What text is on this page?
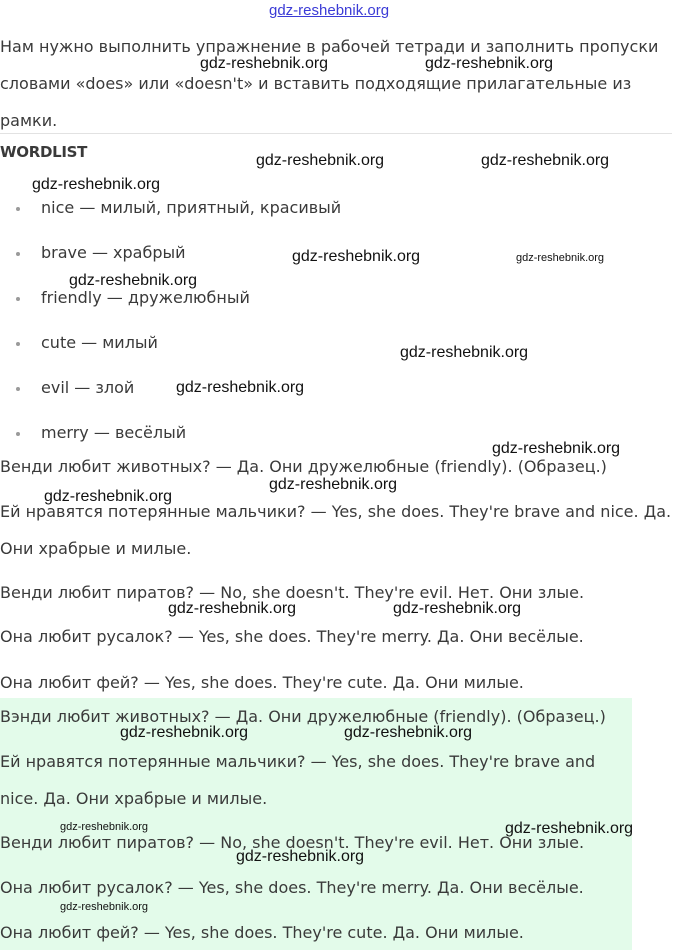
gdz-reshebnik.org

Нам нужно выполнить упражнение в рабочей тетради и заполнить пропуски словами «does» или «doesn't» и вставить подходящие прилагательные из рамки.

WORDLIST
nice — милый, приятный, красивый
brave — храбрый
friendly — дружелюбный
cute — милый
evil — злой
merry — весёлый

Венди любит животных? — Да. Они дружелюбные (friendly). (Образец.)

Ей нравятся потерянные мальчики? — Yes, she does. They're brave and nice. Да. Они храбрые и милые.

Венди любит пиратов? — No, she doesn't. They're evil. Нет. Они злые.

Она любит русалок? — Yes, she does. They're merry. Да. Они весёлые.

Она любит фей? — Yes, she does. They're cute. Да. Они милые.

Вэнди любит животных? — Да. Они дружелюбные (friendly). (Образец.)

Ей нравятся потерянные мальчики? — Yes, she does. They're brave and nice. Да. Они храбрые и милые.

Венди любит пиратов? — No, she doesn't. They're evil. Нет. Они злые.

Она любит русалок? — Yes, she does. They're merry. Да. Они весёлые.

Она любит фей? — Yes, she does. They're cute. Да. Они милые.

gdz-reshebnik.org	gdz-reshebnik.org
gdz-reshebnik.org	gdz-reshebnik.org
gdz-reshebnik.org
gdz-reshebnik.org	gdz-reshebnik.org
gdz-reshebnik.org
gdz-reshebnik.org
gdz-reshebnik.org
gdz-reshebnik.org
gdz-reshebnik.org
gdz-reshebnik.org
gdz-reshebnik.org	gdz-reshebnik.org
gdz-reshebnik.org	gdz-reshebnik.org
gdz-reshebnik.org	gdz-reshebnik.org
gdz-reshebnik.org
gdz-reshebnik.org
